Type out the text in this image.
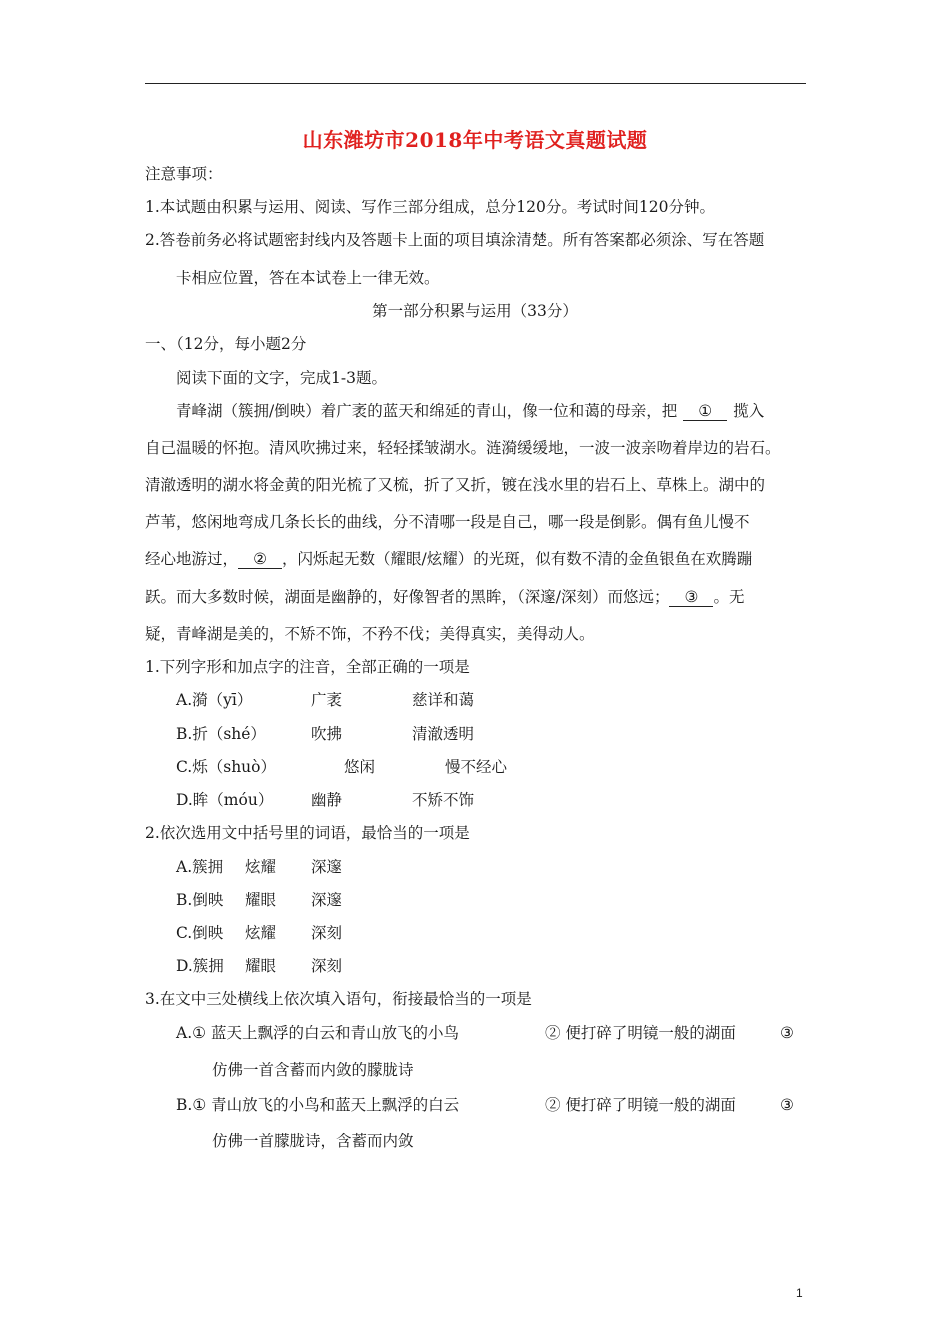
山东潍坊市2018年中考语文真题试题
注意事项：
1.本试题由积累与运用、阅读、写作三部分组成，总分120分。考试时间120分钟。
2.答卷前务必将试题密封线内及答题卡上面的项目填涂清楚。所有答案都必须涂、写在答题
卡相应位置，答在本试卷上一律无效。
第一部分积累与运用（33分）
一、（12分，每小题2分
阅读下面的文字，完成1-3题。
青峰湖（簇拥/倒映）着广袤的蓝天和绵延的青山，像一位和蔼的母亲，把 ① 揽入
自己温暖的怀抱。清风吹拂过来，轻轻揉皱湖水。涟漪缓缓地，一波一波亲吻着岸边的岩石。
清澈透明的湖水将金黄的阳光梳了又梳，折了又折，镀在浅水里的岩石上、草株上。湖中的
芦苇，悠闲地弯成几条长长的曲线，分不清哪一段是自己，哪一段是倒影。偶有鱼儿慢不
经心地游过， ② ，闪烁起无数（耀眼/炫耀）的光斑，似有数不清的金鱼银鱼在欢腾蹦
跃。而大多数时候，湖面是幽静的，好像智者的黑眸，（深邃/深刻）而悠远； ③ 。无
疑，青峰湖是美的，不矫不饰，不矜不伐；美得真实，美得动人。
1.下列字形和加点字的注音，全部正确的一项是
A.漪（yī）	广袤	慈详和蔼
B.折（shé）	吹拂	清澈透明
C.烁（shuò）	悠闲	慢不经心
D.眸（móu） 幽静	不矫不饰
2.依次选用文中括号里的词语，最恰当的一项是
A.簇拥 炫耀 深邃
B.倒映 耀眼 深邃
C.倒映 炫耀 深刻
D.簇拥 耀眼 深刻
3.在文中三处横线上依次填入语句，衔接最恰当的一项是
A.① 蓝天上飘浮的白云和青山放飞的小鸟	② 便打碎了明镜一般的湖面	③
仿佛一首含蓄而内敛的朦胧诗
B.① 青山放飞的小鸟和蓝天上飘浮的白云	② 便打碎了明镜一般的湖面	③
仿佛一首朦胧诗，含蓄而内敛
1
